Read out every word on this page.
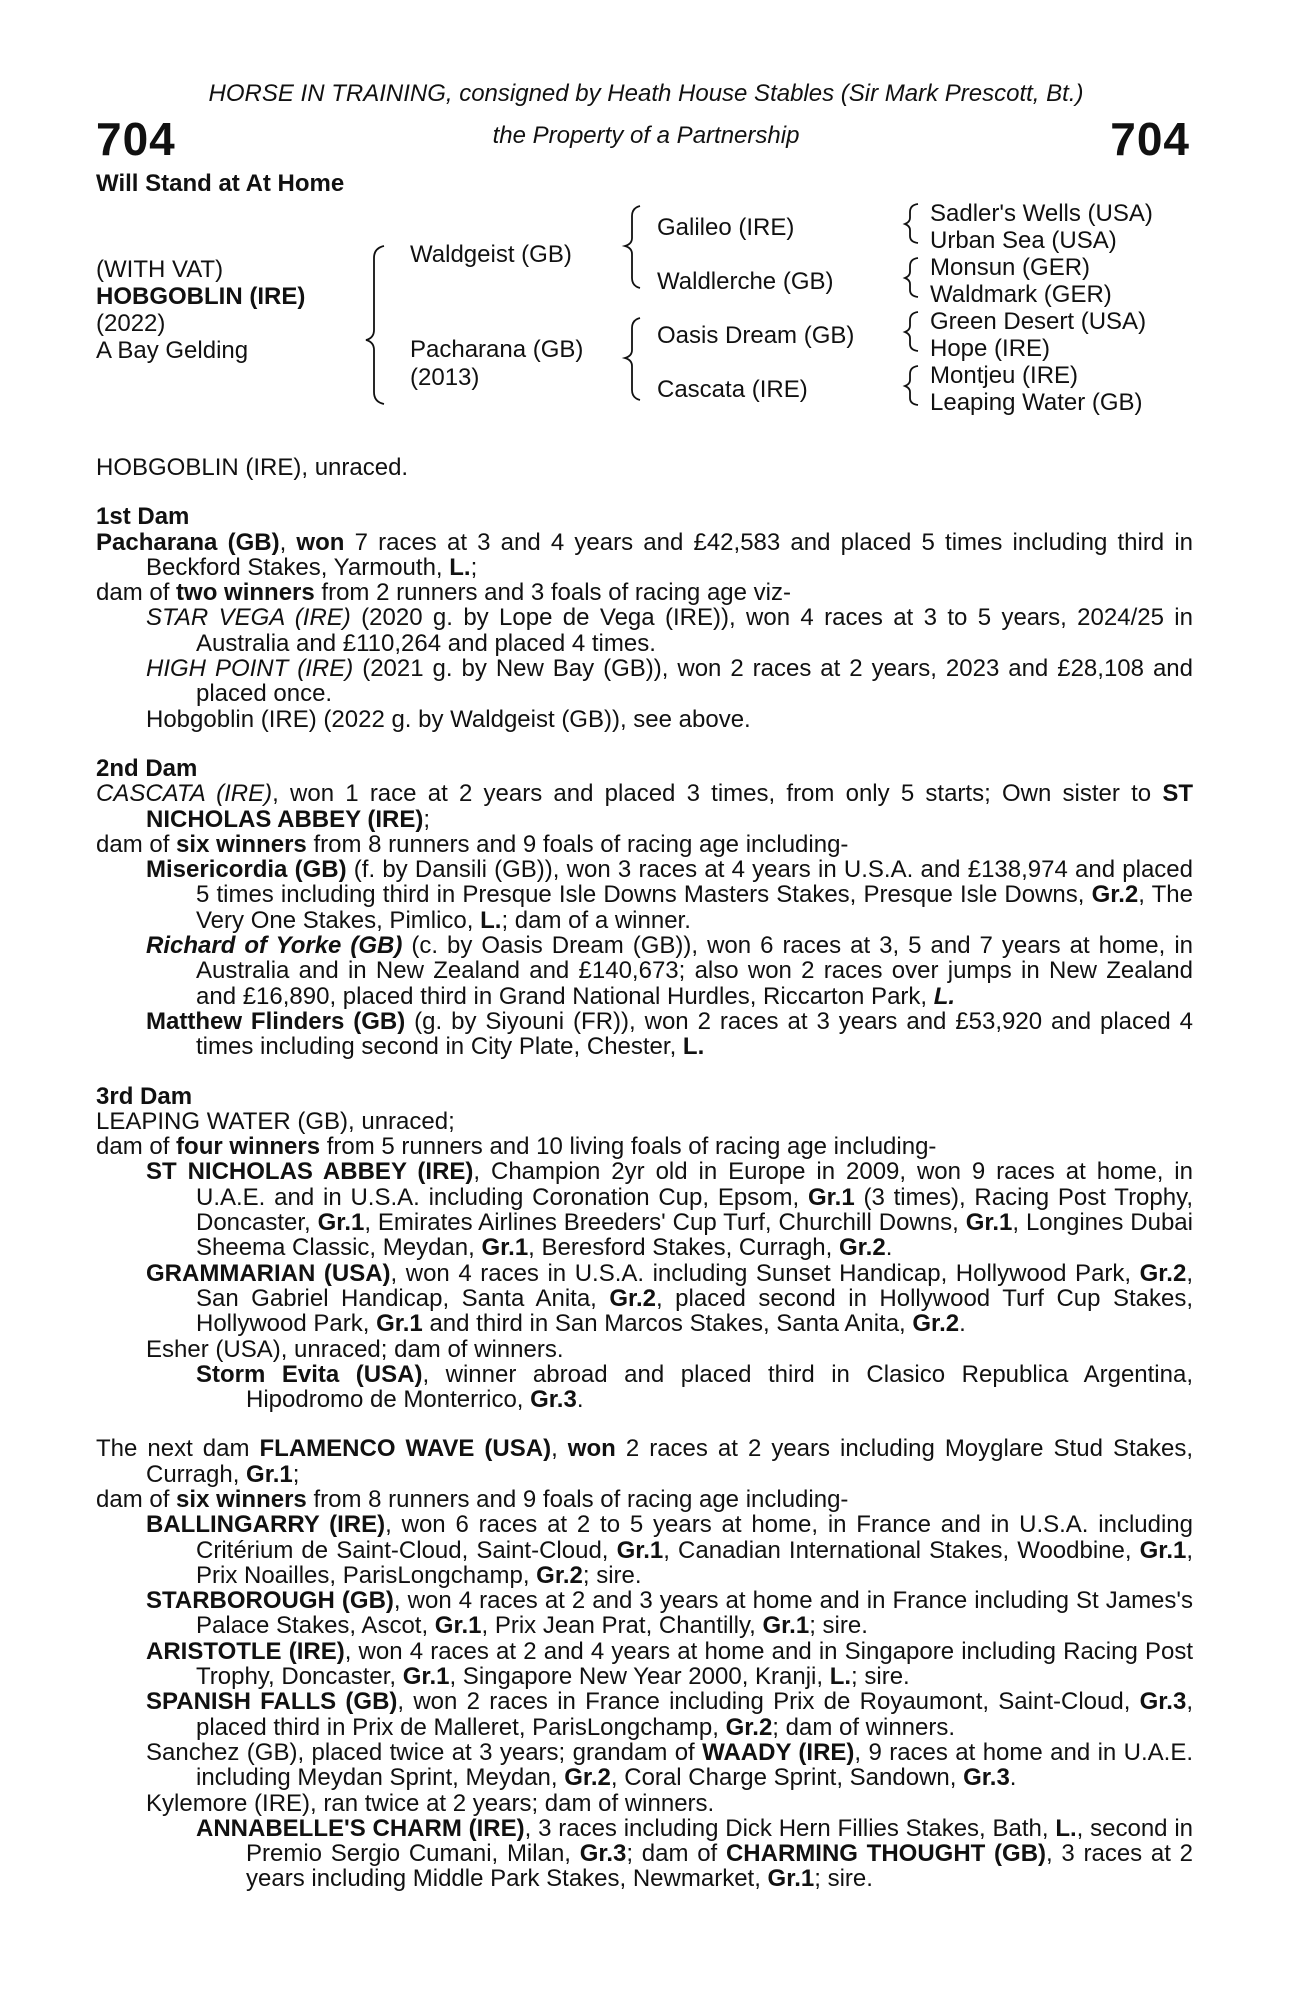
HORSE IN TRAINING, consigned by Heath House Stables (Sir Mark Prescott, Bt.)
the Property of a Partnership
704	704
Will Stand at At Home
(WITH VAT)
HOBGOBLIN (IRE)
(2022)
A Bay Gelding
Waldgeist (GB)
Pacharana (GB)
(2013)
Galileo (IRE)
Waldlerche (GB)
Oasis Dream (GB)
Cascata (IRE)
Sadler's Wells (USA)
Urban Sea (USA)
Monsun (GER)
Waldmark (GER)
Green Desert (USA)
Hope (IRE)
Montjeu (IRE)
Leaping Water (GB)

HOBGOBLIN (IRE), unraced.

1st Dam

Pacharana (GB), won 7 races at 3 and 4 years and £42,583 and placed 5 times including third in Beckford Stakes, Yarmouth, L.;

dam of two winners from 2 runners and 3 foals of racing age viz-

STAR VEGA (IRE) (2020 g. by Lope de Vega (IRE)), won 4 races at 3 to 5 years, 2024/25 in Australia and £110,264 and placed 4 times.

HIGH POINT (IRE) (2021 g. by New Bay (GB)), won 2 races at 2 years, 2023 and £28,108 and placed once.

Hobgoblin (IRE) (2022 g. by Waldgeist (GB)), see above.

2nd Dam

CASCATA (IRE), won 1 race at 2 years and placed 3 times, from only 5 starts; Own sister to ST NICHOLAS ABBEY (IRE);

dam of six winners from 8 runners and 9 foals of racing age including-

Misericordia (GB) (f. by Dansili (GB)), won 3 races at 4 years in U.S.A. and £138,974 and placed 5 times including third in Presque Isle Downs Masters Stakes, Presque Isle Downs, Gr.2, The Very One Stakes, Pimlico, L.; dam of a winner.

Richard of Yorke (GB) (c. by Oasis Dream (GB)), won 6 races at 3, 5 and 7 years at home, in Australia and in New Zealand and £140,673; also won 2 races over jumps in New Zealand and £16,890, placed third in Grand National Hurdles, Riccarton Park, L.

Matthew Flinders (GB) (g. by Siyouni (FR)), won 2 races at 3 years and £53,920 and placed 4 times including second in City Plate, Chester, L.

3rd Dam

LEAPING WATER (GB), unraced;

dam of four winners from 5 runners and 10 living foals of racing age including-

ST NICHOLAS ABBEY (IRE), Champion 2yr old in Europe in 2009, won 9 races at home, in U.A.E. and in U.S.A. including Coronation Cup, Epsom, Gr.1 (3 times), Racing Post Trophy, Doncaster, Gr.1, Emirates Airlines Breeders' Cup Turf, Churchill Downs, Gr.1, Longines Dubai Sheema Classic, Meydan, Gr.1, Beresford Stakes, Curragh, Gr.2.

GRAMMARIAN (USA), won 4 races in U.S.A. including Sunset Handicap, Hollywood Park, Gr.2, San Gabriel Handicap, Santa Anita, Gr.2, placed second in Hollywood Turf Cup Stakes, Hollywood Park, Gr.1 and third in San Marcos Stakes, Santa Anita, Gr.2.

Esher (USA), unraced; dam of winners.

Storm Evita (USA), winner abroad and placed third in Clasico Republica Argentina, Hipodromo de Monterrico, Gr.3.

The next dam FLAMENCO WAVE (USA), won 2 races at 2 years including Moyglare Stud Stakes, Curragh, Gr.1;

dam of six winners from 8 runners and 9 foals of racing age including-

BALLINGARRY (IRE), won 6 races at 2 to 5 years at home, in France and in U.S.A. including Critérium de Saint-Cloud, Saint-Cloud, Gr.1, Canadian International Stakes, Woodbine, Gr.1, Prix Noailles, ParisLongchamp, Gr.2; sire.

STARBOROUGH (GB), won 4 races at 2 and 3 years at home and in France including St James's Palace Stakes, Ascot, Gr.1, Prix Jean Prat, Chantilly, Gr.1; sire.

ARISTOTLE (IRE), won 4 races at 2 and 4 years at home and in Singapore including Racing Post Trophy, Doncaster, Gr.1, Singapore New Year 2000, Kranji, L.; sire.

SPANISH FALLS (GB), won 2 races in France including Prix de Royaumont, Saint-Cloud, Gr.3, placed third in Prix de Malleret, ParisLongchamp, Gr.2; dam of winners.

Sanchez (GB), placed twice at 3 years; grandam of WAADY (IRE), 9 races at home and in U.A.E. including Meydan Sprint, Meydan, Gr.2, Coral Charge Sprint, Sandown, Gr.3.

Kylemore (IRE), ran twice at 2 years; dam of winners.

ANNABELLE'S CHARM (IRE), 3 races including Dick Hern Fillies Stakes, Bath, L., second in Premio Sergio Cumani, Milan, Gr.3; dam of CHARMING THOUGHT (GB), 3 races at 2 years including Middle Park Stakes, Newmarket, Gr.1; sire.
